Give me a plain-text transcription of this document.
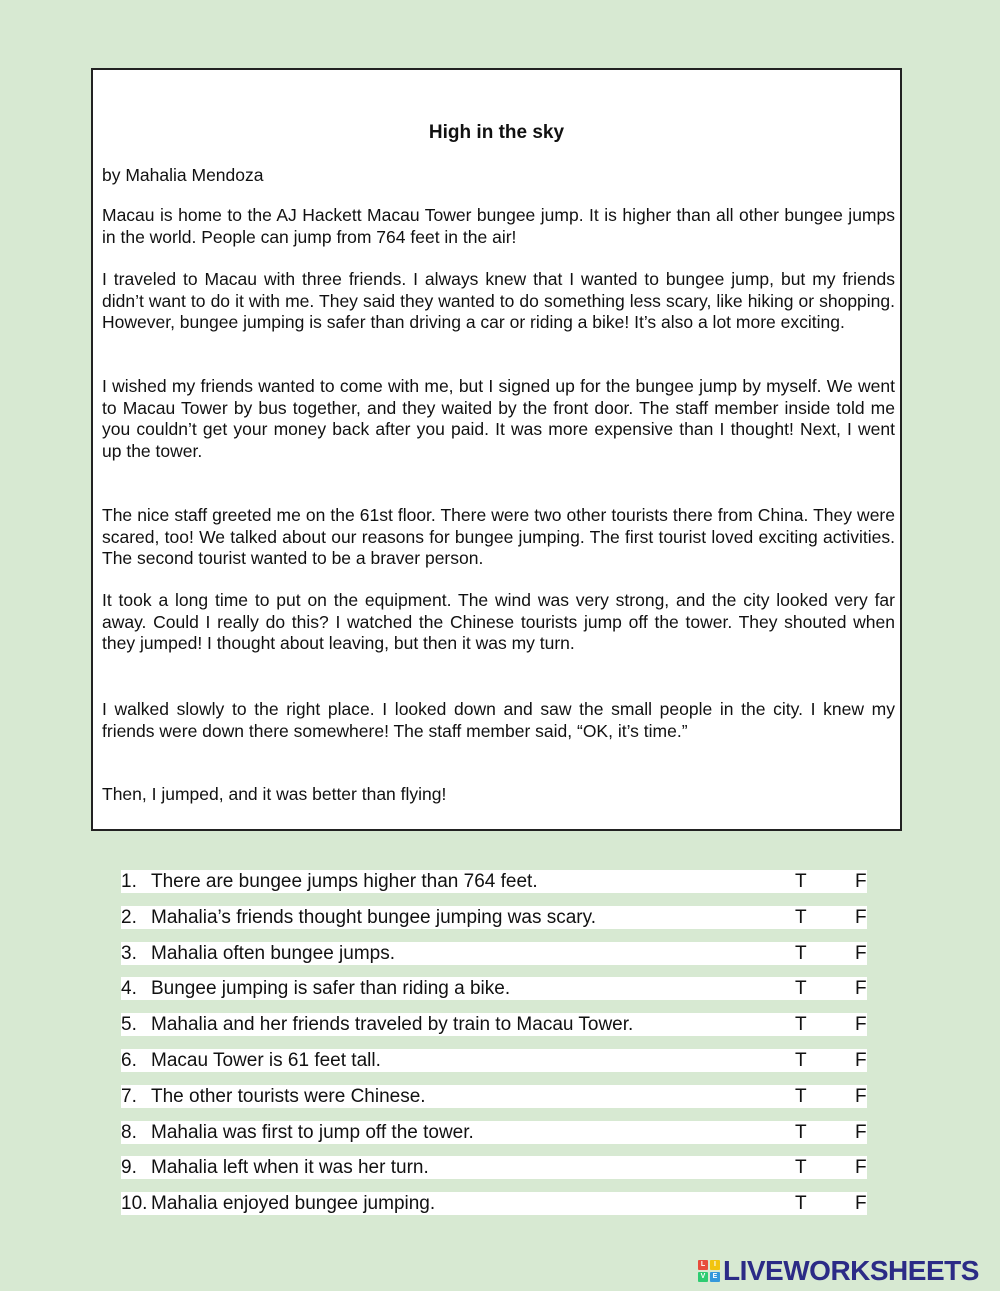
High in the sky
by Mahalia Mendoza

Macau is home to the AJ Hackett Macau Tower bungee jump. It is higher than all other bungee jumps in the world. People can jump from 764 feet in the air!

I traveled to Macau with three friends. I always knew that I wanted to bungee jump, but my friends didn’t want to do it with me. They said they wanted to do something less scary, like hiking or shopping. However, bungee jumping is safer than driving a car or riding a bike! It’s also a lot more exciting.

I wished my friends wanted to come with me, but I signed up for the bungee jump by myself. We went to Macau Tower by bus together, and they waited by the front door. The staff member inside told me you couldn’t get your money back after you paid. It was more expensive than I thought! Next, I went up the tower.

The nice staff greeted me on the 61st floor. There were two other tourists there from China. They were scared, too! We talked about our reasons for bungee jumping. The first tourist loved exciting activities. The second tourist wanted to be a braver person.

It took a long time to put on the equipment. The wind was very strong, and the city looked very far away. Could I really do this? I watched the Chinese tourists jump off the tower. They shouted when they jumped! I thought about leaving, but then it was my turn.

I walked slowly to the right place. I looked down and saw the small people in the city. I knew my friends were down there somewhere! The staff member said, “OK, it’s time.”

Then, I jumped, and it was better than flying!

1. There are bungee jumps higher than 764 feet.	T	F
2. Mahalia’s friends thought bungee jumping was scary.	T	F
3. Mahalia often bungee jumps.	T	F
4. Bungee jumping is safer than riding a bike.	T	F
5. Mahalia and her friends traveled by train to Macau Tower.	T	F
6. Macau Tower is 61 feet tall.	T	F
7. The other tourists were Chinese.	T	F
8. Mahalia was first to jump off the tower.	T	F
9. Mahalia left when it was her turn.	T	F
10. Mahalia enjoyed bungee jumping.	T	F
L	I
V	E LIVEWORKSHEETS
